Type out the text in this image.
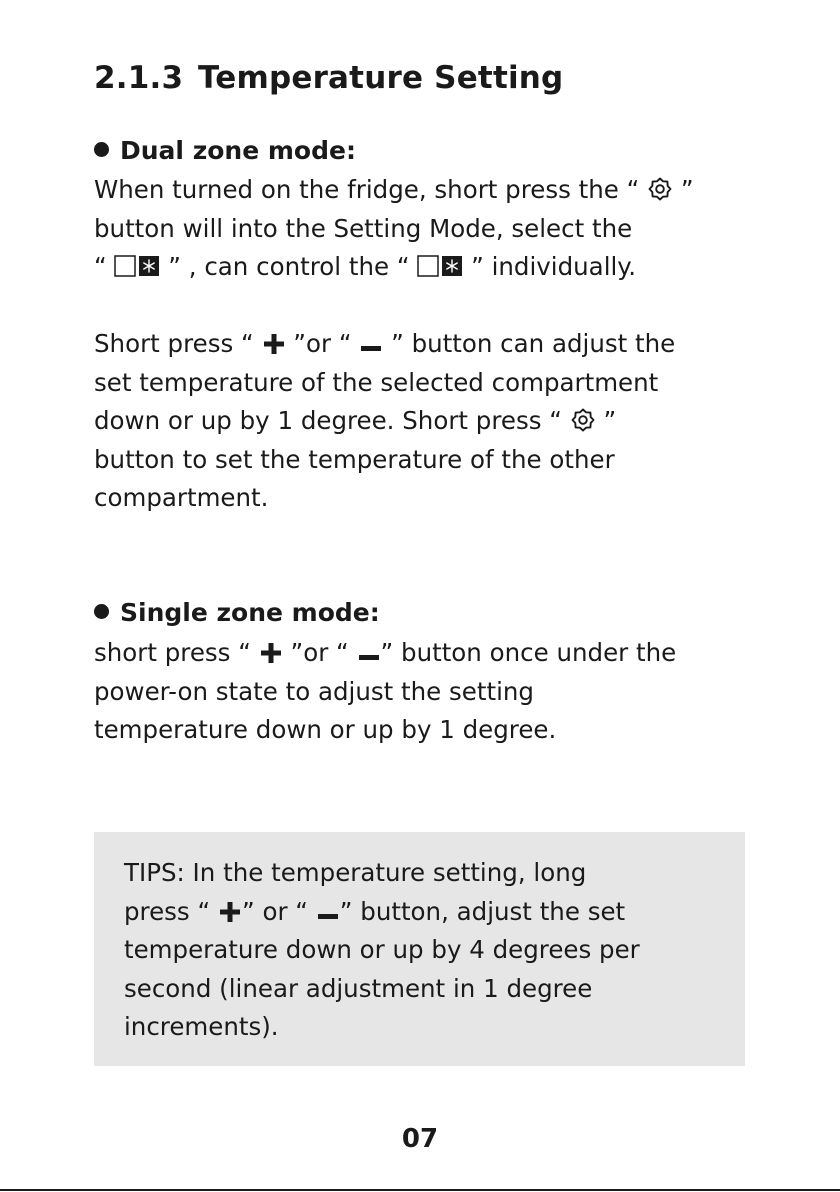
2.1.3 Temperature Setting

Dual zone mode:

When turned on the fridge, short press the “
”
button will into the Setting Mode, select the
“
” , can control the “
” individually.

Short press “
”or “
” button can adjust the
set temperature of the selected compartment
down or up by 1 degree. Short press “
”
button to set the temperature of the other
compartment.

Single zone mode:

short press “
”or “
” button once under the
power-on state to adjust the setting
temperature down or up by 1 degree.
TIPS: In the temperature setting, long
press “
” or “
” button, adjust the set
temperature down or up by 4 degrees per
second (linear adjustment in 1 degree
increments).
07
